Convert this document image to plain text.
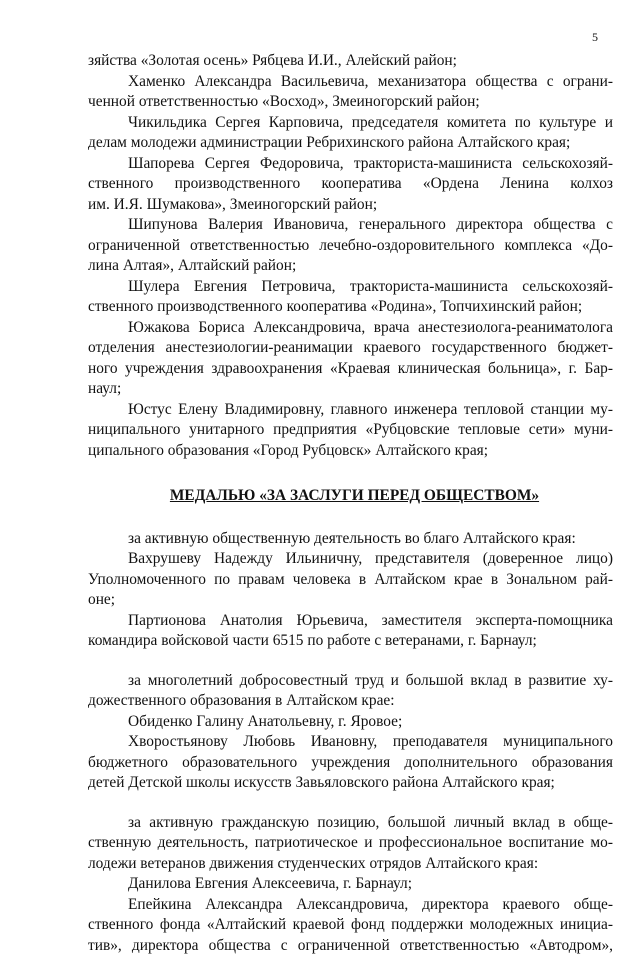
5
зяйства «Золотая осень» Рябцева И.И., Алейский район;
Хаменко Александра Васильевича, механизатора общества с ограни-
ченной ответственностью «Восход», Змеиногорский район;
Чикильдика Сергея Карповича, председателя комитета по культуре и
делам молодежи администрации Ребрихинского района Алтайского края;
Шапорева Сергея Федоровича, тракториста-машиниста сельскохозяй-
ственного производственного кооператива «Ордена Ленина колхоз
им. И.Я. Шумакова», Змеиногорский район;
Шипунова Валерия Ивановича, генерального директора общества с
ограниченной ответственностью лечебно-оздоровительного комплекса «До-
лина Алтая», Алтайский район;
Шулера Евгения Петровича, тракториста-машиниста сельскохозяй-
ственного производственного кооператива «Родина», Топчихинский район;
Южакова Бориса Александровича, врача анестезиолога-реаниматолога
отделения анестезиологии-реанимации краевого государственного бюджет-
ного учреждения здравоохранения «Краевая клиническая больница», г. Бар-
наул;
Юстус Елену Владимировну, главного инженера тепловой станции му-
ниципального унитарного предприятия «Рубцовские тепловые сети» муни-
ципального образования «Город Рубцовск» Алтайского края;

МЕДАЛЬЮ «ЗА ЗАСЛУГИ ПЕРЕД ОБЩЕСТВОМ»

за активную общественную деятельность во благо Алтайского края:
Вахрушеву Надежду Ильиничну, представителя (доверенное лицо)
Уполномоченного по правам человека в Алтайском крае в Зональном рай-
оне;
Партионова Анатолия Юрьевича, заместителя эксперта-помощника
командира войсковой части 6515 по работе с ветеранами, г. Барнаул;
за многолетний добросовестный труд и большой вклад в развитие ху-
дожественного образования в Алтайском крае:
Обиденко Галину Анатольевну, г. Яровое;
Хворостьянову Любовь Ивановну, преподавателя муниципального
бюджетного образовательного учреждения дополнительного образования
детей Детской школы искусств Завьяловского района Алтайского края;
за активную гражданскую позицию, большой личный вклад в обще-
ственную деятельность, патриотическое и профессиональное воспитание мо-
лодежи ветеранов движения студенческих отрядов Алтайского края:
Данилова Евгения Алексеевича, г. Барнаул;
Епейкина Александра Александровича, директора краевого обще-
ственного фонда «Алтайский краевой фонд поддержки молодежных инициа-
тив», директора общества с ограниченной ответственностью «Автодром»,
